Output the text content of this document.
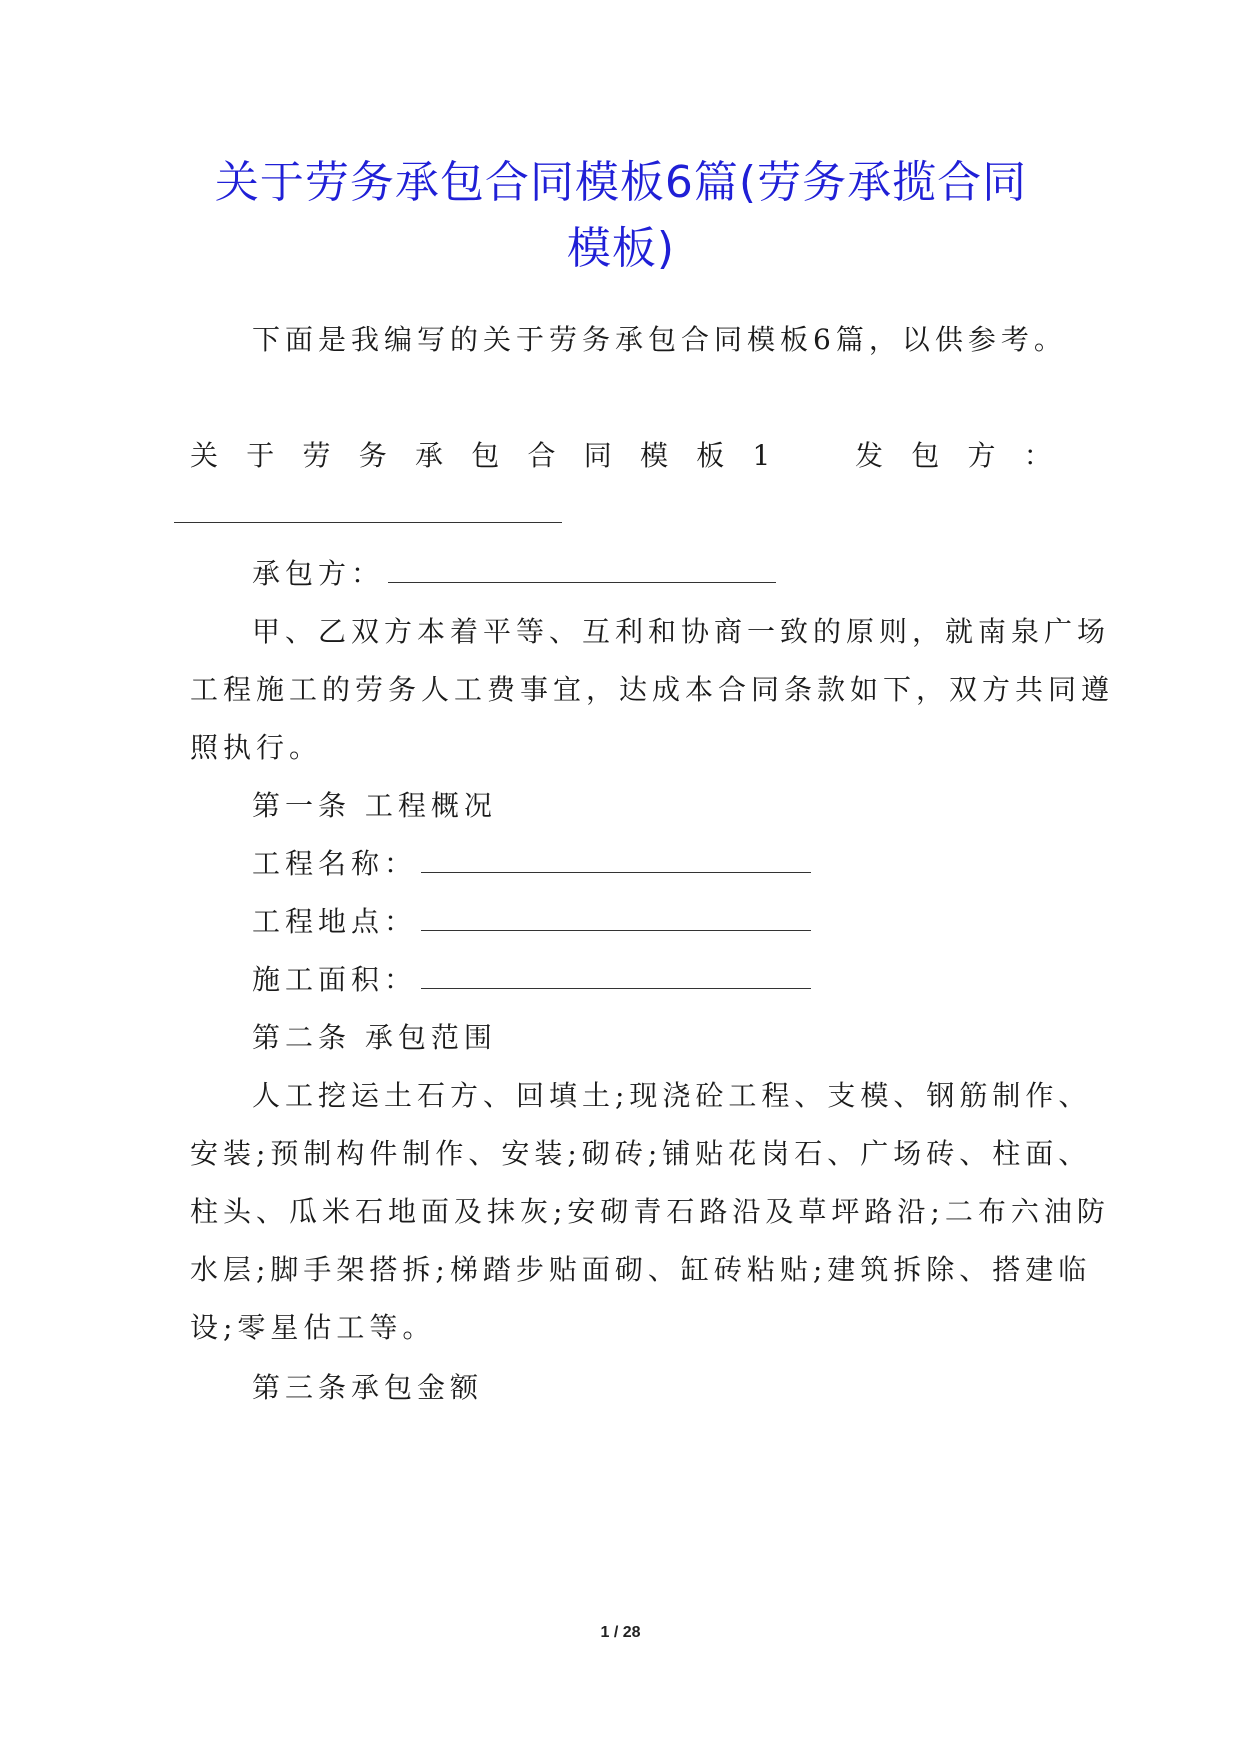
关于劳务承包合同模板6篇(劳务承揽合同
模板)
下面是我编写的关于劳务承包合同模板6篇，以供参考。
关 于 劳 务 承 包 合 同 模 板 1	发 包 方 ：
承包方：
甲、乙双方本着平等、互利和协商一致的原则，就南泉广场
工程施工的劳务人工费事宜，达成本合同条款如下，双方共同遵
照执行。
第一条 工程概况
工程名称：
工程地点：
施工面积：
第二条 承包范围
人工挖运土石方、回填土;现浇砼工程、支模、钢筋制作、
安装;预制构件制作、安装;砌砖;铺贴花岗石、广场砖、柱面、
柱头、瓜米石地面及抹灰;安砌青石路沿及草坪路沿;二布六油防
水层;脚手架搭拆;梯踏步贴面砌、缸砖粘贴;建筑拆除、搭建临
设;零星估工等。
第三条承包金额
1 / 28
